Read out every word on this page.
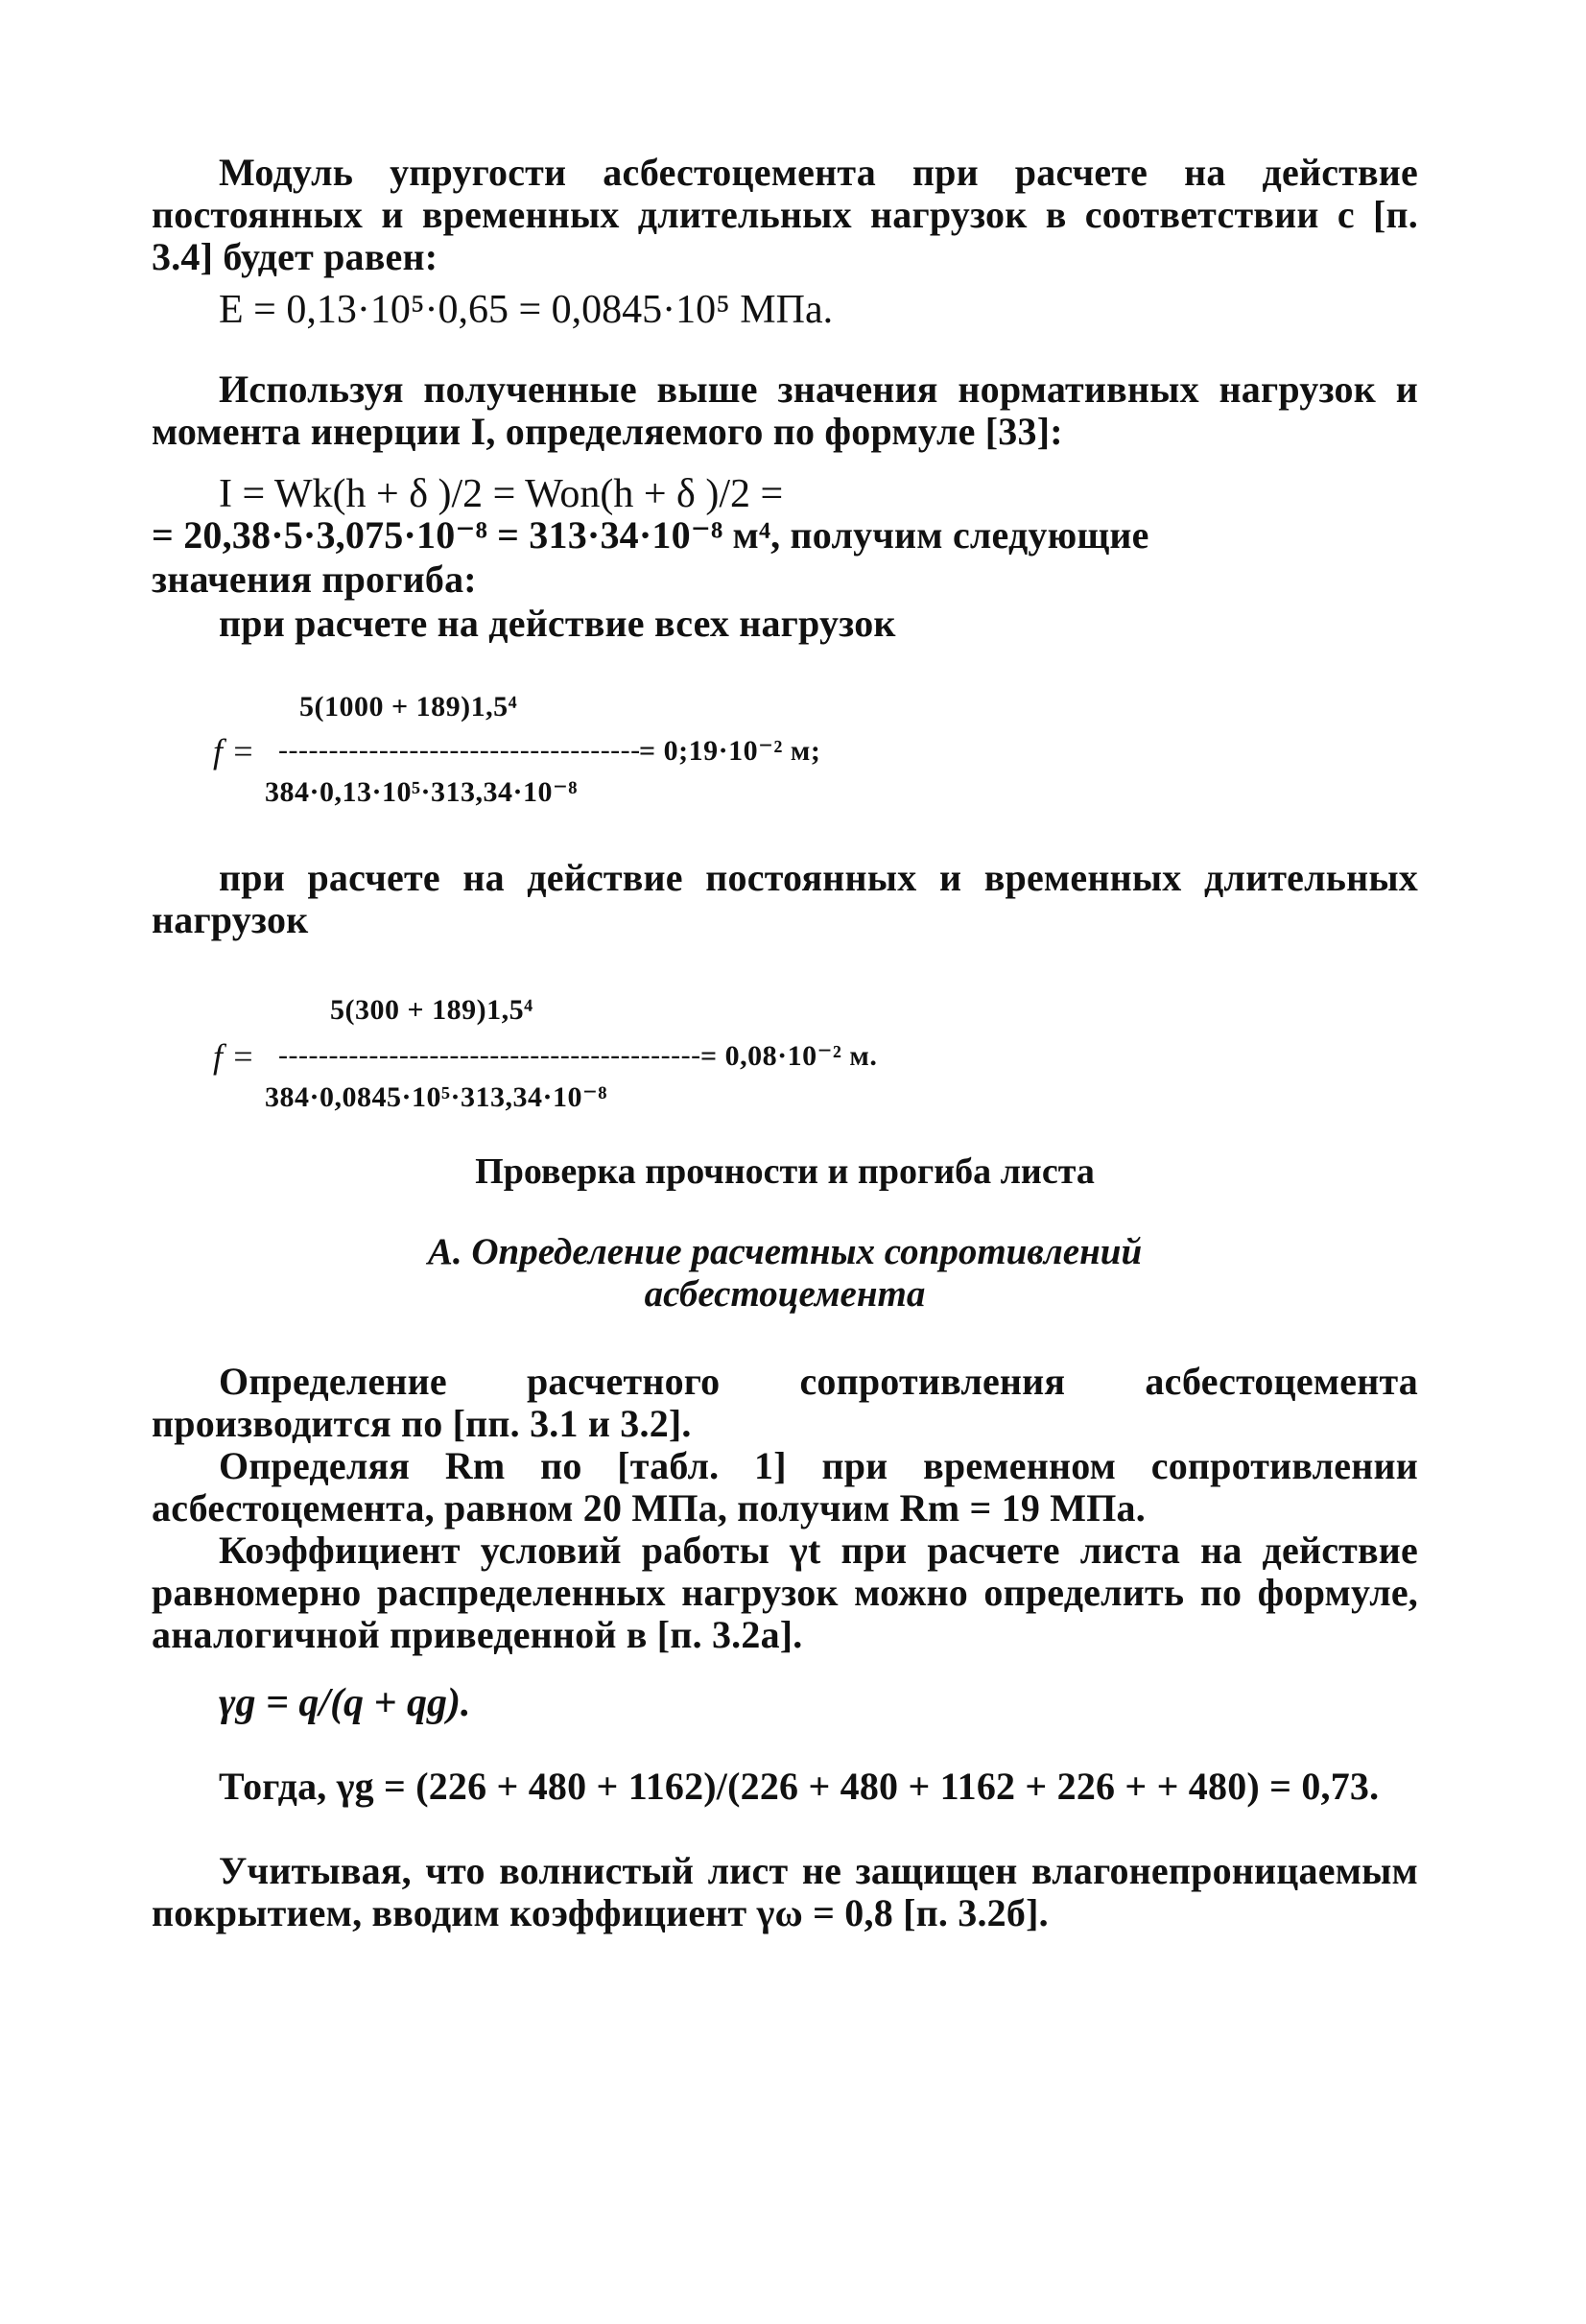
Модуль упругости асбестоцемента при расчете на действие постоянных и временных длительных нагрузок в соответствии с [п. 3.4] будет равен:
E = 0,13·10⁵·0,65 = 0,0845·10⁵ МПа.
Используя полученные выше значения нормативных нагрузок и момента инерции I, определяемого по формуле [33]:
I = Wk(h + δ )/2 = Won(h + δ )/2 =
= 20,38·5·3,075·10⁻⁸ = 313·34·10⁻⁸ м⁴, получим следующие
значения прогиба:
при расчете на действие всех нагрузок
5(1000 + 189)1,5⁴
f = ------------------------------------
= 0;19·10⁻² м;
384·0,13·10⁵·313,34·10⁻⁸
при расчете на действие постоянных и временных длительных нагрузок
5(300 + 189)1,5⁴
f = ------------------------------------------ = 0,08·10⁻² м.
384·0,0845·10⁵·313,34·10⁻⁸
Проверка прочности и прогиба листа
А. Определение расчетных сопротивлений
асбестоцемента
Определение расчетного сопротивления асбестоцемента производится по [пп. 3.1 и 3.2].
Определяя Rm по [табл. 1] при временном сопротивлении асбестоцемента, равном 20 МПа, получим Rm = 19 МПа.
Коэффициент условий работы γt при расчете листа на действие равномерно распределенных нагрузок можно определить по формуле, аналогичной приведенной в [п. 3.2а].
γg = q/(q + qg).
Тогда, γg = (226 + 480 + 1162)/(226 + 480 + 1162 + 226 + + 480) = 0,73.
Учитывая, что волнистый лист не защищен влагонепроницаемым покрытием, вводим коэффициент γω = 0,8 [п. 3.2б].
